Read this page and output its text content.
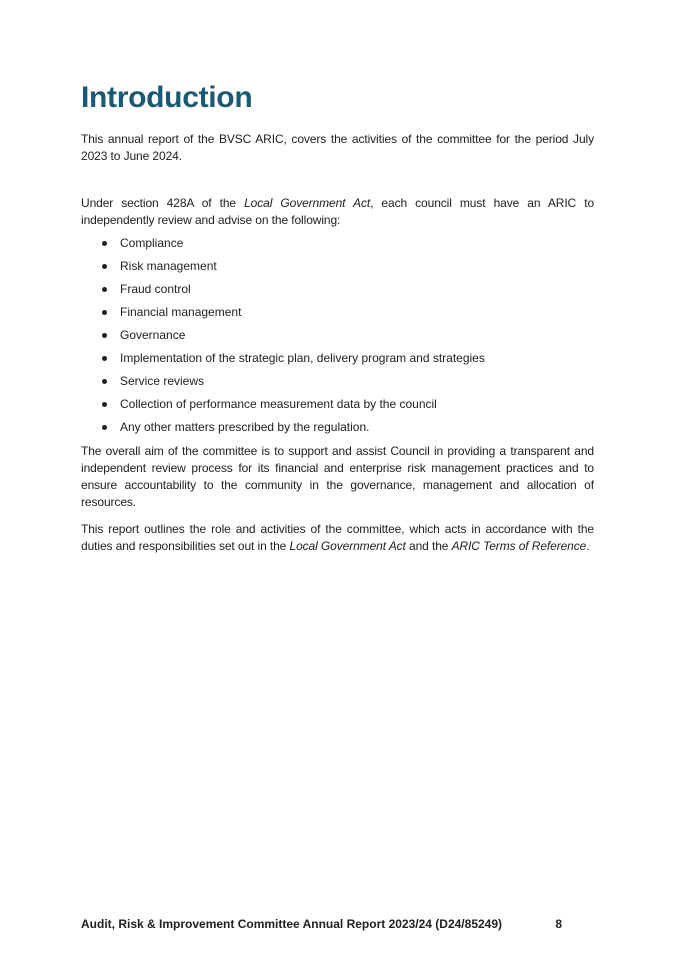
Introduction

This annual report of the BVSC ARIC, covers the activities of the committee for the period July 2023 to June 2024.

Under section 428A of the Local Government Act, each council must have an ARIC to independently review and advise on the following:

Compliance
Risk management
Fraud control
Financial management
Governance
Implementation of the strategic plan, delivery program and strategies
Service reviews
Collection of performance measurement data by the council
Any other matters prescribed by the regulation.

The overall aim of the committee is to support and assist Council in providing a transparent and independent review process for its financial and enterprise risk management practices and to ensure accountability to the community in the governance, management and allocation of resources.

This report outlines the role and activities of the committee, which acts in accordance with the duties and responsibilities set out in the Local Government Act and the ARIC Terms of Reference.

Audit, Risk & Improvement Committee Annual Report 2023/24 (D24/85249)	8
